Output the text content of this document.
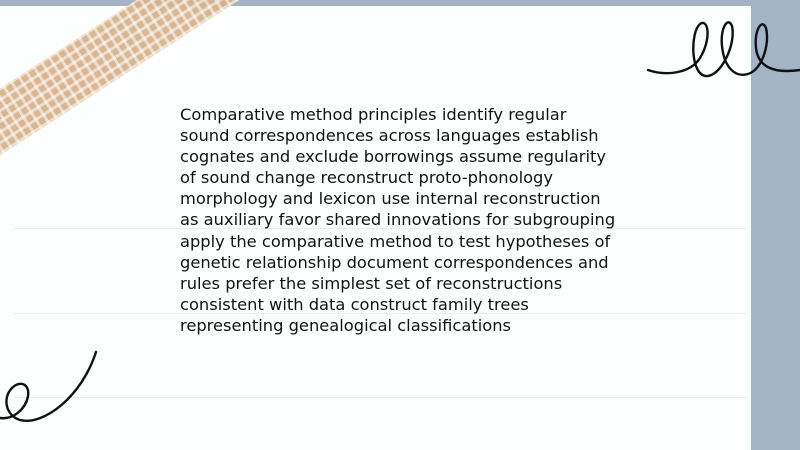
Comparative method principles identify regular
sound correspondences across languages establish
cognates and exclude borrowings assume regularity
of sound change reconstruct proto-phonology
morphology and lexicon use internal reconstruction
as auxiliary favor shared innovations for subgrouping
apply the comparative method to test hypotheses of
genetic relationship document correspondences and
rules prefer the simplest set of reconstructions
consistent with data construct family trees
representing genealogical classifications
